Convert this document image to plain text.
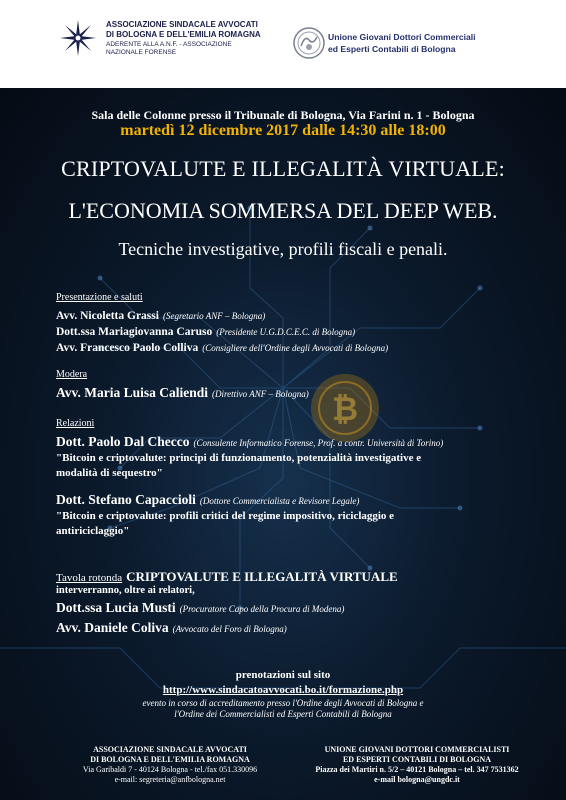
ASSOCIAZIONE SINDACALE AVVOCATI
DI BOLOGNA E DELL'EMILIA ROMAGNA
ADERENTE ALLA A.N.F. - ASSOCIAZIONE
NAZIONALE FORENSE
Unione Giovani Dottori Commerciali
ed Esperti Contabili di Bologna
₿
Sala delle Colonne presso il Tribunale di Bologna, Via Farini n. 1 - Bologna
martedì 12 dicembre 2017 dalle 14:30 alle 18:00
CRIPTOVALUTE E ILLEGALITÀ VIRTUALE:
L'ECONOMIA SOMMERSA DEL DEEP WEB.
Tecniche investigative, profili fiscali e penali.
Presentazione e saluti
Avv. Nicoletta Grassi (Segretario ANF – Bologna)
Dott.ssa Mariagiovanna Caruso (Presidente U.G.D.C.E.C. di Bologna)
Avv. Francesco Paolo Colliva (Consigliere dell'Ordine degli Avvocati di Bologna)
Modera
Avv. Maria Luisa Caliendi (Direttivo ANF – Bologna)
Relazioni
Dott. Paolo Dal Checco (Consulente Informatico Forense, Prof. a contr. Università di Torino)
"Bitcoin e criptovalute: principi di funzionamento, potenzialità investigative e
modalità di sequestro"
Dott. Stefano Capaccioli (Dottore Commercialista e Revisore Legale)
"Bitcoin e criptovalute: profili critici del regime impositivo, riciclaggio e
antiriciclaggio"
Tavola rotonda CRIPTOVALUTE E ILLEGALITÀ VIRTUALE
interverranno, oltre ai relatori,
Dott.ssa Lucia Musti (Procuratore Capo della Procura di Modena)
Avv. Daniele Coliva (Avvocato del Foro di Bologna)
prenotazioni sul sito
http://www.sindacatoavvocati.bo.it/formazione.php
evento in corso di accreditamento presso l'Ordine degli Avvocati di Bologna e
l'Ordine dei Commercialisti ed Esperti Contabili di Bologna
ASSOCIAZIONE SINDACALE AVVOCATI
DI BOLOGNA E DELL'EMILIA ROMAGNA
Via Garibaldi 7 - 40124 Bologna - tel./fax 051.330096
e-mail: segreteria@anfbologna.net
UNIONE GIOVANI DOTTORI COMMERCIALISTI
ED ESPERTI CONTABILI DI BOLOGNA
Piazza dei Martiri n. 5/2 – 40121 Bologna – tel. 347 7531362
e-mail bologna@ungdc.it
